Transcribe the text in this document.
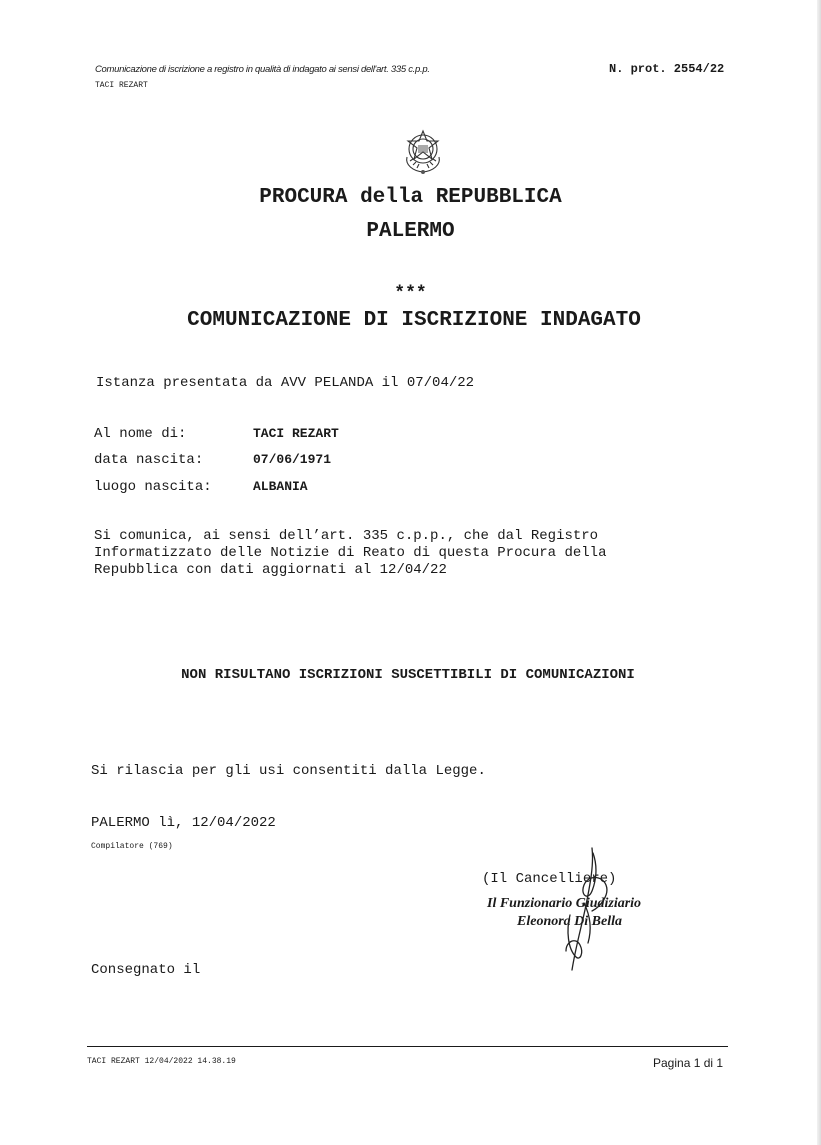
Comunicazione di iscrizione a registro in qualità di indagato ai sensi dell'art. 335 c.p.p.
TACI REZART
N. prot. 2554/22
PROCURA della REPUBBLICA
PALERMO
***
COMUNICAZIONE DI ISCRIZIONE INDAGATO
Istanza presentata da AVV PELANDA il 07/04/22
Al nome di:	TACI REZART
data nascita:	07/06/1971
luogo nascita:	ALBANIA
Si comunica, ai sensi dell’art. 335 c.p.p., che dal Registro
Informatizzato delle Notizie di Reato di questa Procura della
Repubblica con dati aggiornati al 12/04/22
NON RISULTANO ISCRIZIONI SUSCETTIBILI DI COMUNICAZIONI
Si rilascia per gli usi consentiti dalla Legge.
PALERMO lì, 12/04/2022
Compilatore (769)
(Il Cancelliere)
Il Funzionario Giudiziario
Eleonora Di Bella
Consegnato il
TACI REZART 12/04/2022 14.38.19	Pagina 1 di 1
